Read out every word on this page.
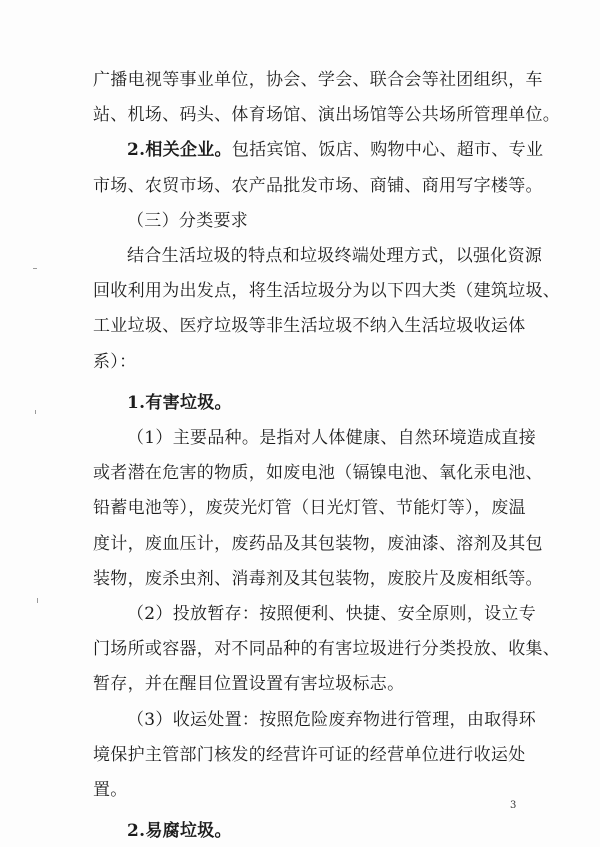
广播电视等事业单位，协会、学会、联合会等社团组织，车
站、机场、码头、体育场馆、演出场馆等公共场所管理单位。
2.相关企业。包括宾馆、饭店、购物中心、超市、专业
市场、农贸市场、农产品批发市场、商铺、商用写字楼等。
（三）分类要求
结合生活垃圾的特点和垃圾终端处理方式，以强化资源
回收利用为出发点，将生活垃圾分为以下四大类（建筑垃圾、
工业垃圾、医疗垃圾等非生活垃圾不纳入生活垃圾收运体
系）：
1.有害垃圾。
（1）主要品种。是指对人体健康、自然环境造成直接
或者潜在危害的物质，如废电池（镉镍电池、氧化汞电池、
铅蓄电池等），废荧光灯管（日光灯管、节能灯等），废温
度计，废血压计，废药品及其包装物，废油漆、溶剂及其包
装物，废杀虫剂、消毒剂及其包装物，废胶片及废相纸等。
（2）投放暂存：按照便利、快捷、安全原则，设立专
门场所或容器，对不同品种的有害垃圾进行分类投放、收集、
暂存，并在醒目位置设置有害垃圾标志。
（3）收运处置：按照危险废弃物进行管理，由取得环
境保护主管部门核发的经营许可证的经营单位进行收运处
置。
2.易腐垃圾。
3
